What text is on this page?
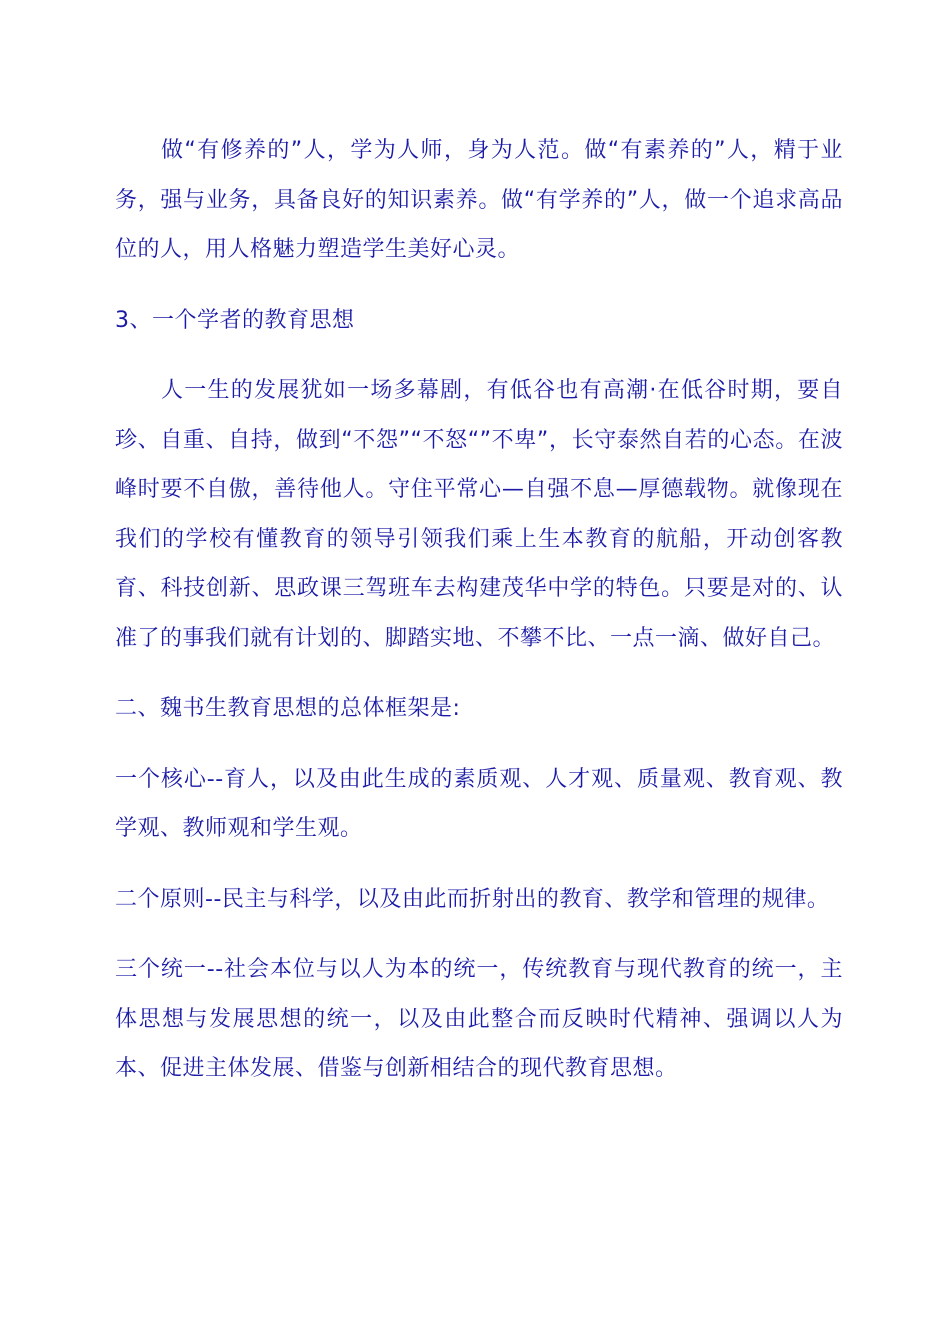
做“有修养的”人，学为人师，身为人范。做“有素养的”人，精于业务，强与业务，具备良好的知识素养。做“有学养的”人，做一个追求高品位的人，用人格魅力塑造学生美好心灵。

3、一个学者的教育思想

人一生的发展犹如一场多幕剧，有低谷也有高潮·在低谷时期，要自珍、自重、自持，做到“不怨”“不怒“”不卑”，长守泰然自若的心态。在波峰时要不自傲，善待他人。守住平常心—自强不息—厚德载物。就像现在我们的学校有懂教育的领导引领我们乘上生本教育的航船，开动创客教育、科技创新、思政课三驾班车去构建茂华中学的特色。只要是对的、认准了的事我们就有计划的、脚踏实地、不攀不比、一点一滴、做好自己。

二、魏书生教育思想的总体框架是:

一个核心--育人，以及由此生成的素质观、人才观、质量观、教育观、教学观、教师观和学生观。

二个原则--民主与科学，以及由此而折射出的教育、教学和管理的规律。

三个统一--社会本位与以人为本的统一，传统教育与现代教育的统一，主体思想与发展思想的统一，以及由此整合而反映时代精神、强调以人为本、促进主体发展、借鉴与创新相结合的现代教育思想。
